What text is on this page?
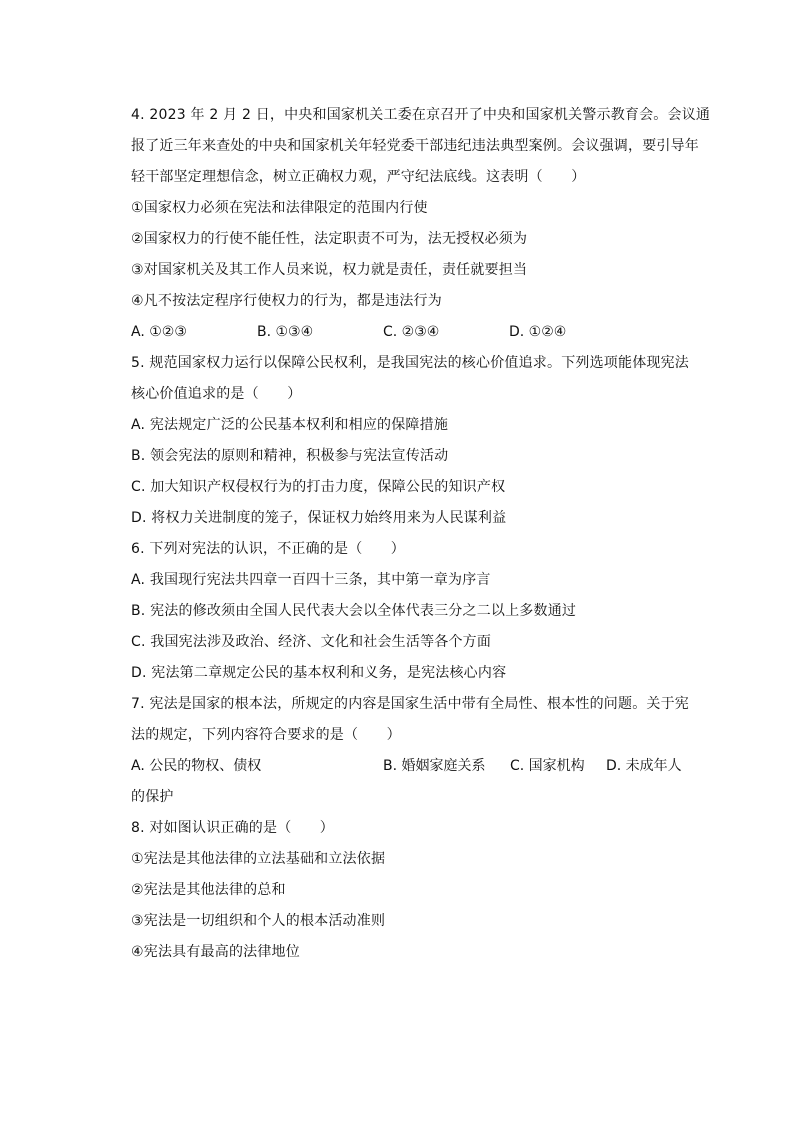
4. 2023 年 2 月 2 日，中央和国家机关工委在京召开了中央和国家机关警示教育会。会议通
报了近三年来查处的中央和国家机关年轻党委干部违纪违法典型案例。会议强调，要引导年
轻干部坚定理想信念，树立正确权力观，严守纪法底线。这表明（　　）
①国家权力必须在宪法和法律限定的范围内行使
②国家权力的行使不能任性，法定职责不可为，法无授权必须为
③对国家机关及其工作人员来说，权力就是责任，责任就要担当
④凡不按法定程序行使权力的行为，都是违法行为
A. ①②③	B. ①③④	C. ②③④	D. ①②④
5. 规范国家权力运行以保障公民权利，是我国宪法的核心价值追求。下列选项能体现宪法
核心价值追求的是（　　）
A. 宪法规定广泛的公民基本权利和相应的保障措施
B. 领会宪法的原则和精神，积极参与宪法宣传活动
C. 加大知识产权侵权行为的打击力度，保障公民的知识产权
D. 将权力关进制度的笼子，保证权力始终用来为人民谋利益
6. 下列对宪法的认识，不正确的是（　　）
A. 我国现行宪法共四章一百四十三条，其中第一章为序言
B. 宪法的修改须由全国人民代表大会以全体代表三分之二以上多数通过
C. 我国宪法涉及政治、经济、文化和社会生活等各个方面
D. 宪法第二章规定公民的基本权利和义务，是宪法核心内容
7. 宪法是国家的根本法，所规定的内容是国家生活中带有全局性、根本性的问题。关于宪
法的规定，下列内容符合要求的是（　　）
A. 公民的物权、债权	B. 婚姻家庭关系	C. 国家机构	D. 未成年人
的保护
8. 对如图认识正确的是（　　）
①宪法是其他法律的立法基础和立法依据
②宪法是其他法律的总和
③宪法是一切组织和个人的根本活动准则
④宪法具有最高的法律地位
